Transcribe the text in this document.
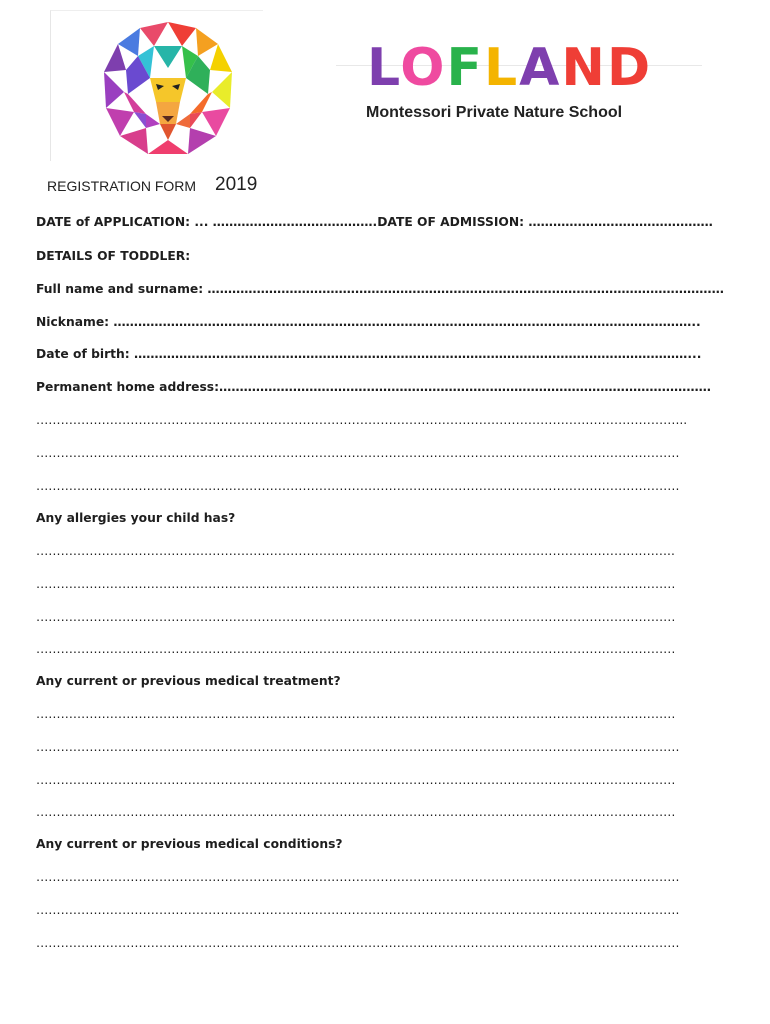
LOFLAND
Montessori Private Nature School
REGISTRATION FORM 2019
DATE of APPLICATION: ... ………………………………….DATE OF ADMISSION: ………………………………………
DETAILS OF TODDLER:
Full name and surname: ………………………………………………………………………………………………………………
Nickname: ……………………………………………………………………………………………………………………………..
Date of birth: ………………………………………………………………………………………………………………………...
Permanent home address:…………………………………………………………………………………………………………
…………………………………………………………………………………………………………………………………………...
………………………………………………………………………………………………………………………………………….
………………………………………………………………………………………………………………………………………….
Any allergies your child has?
………………………………………………………………………………………………………………………………….……..
…………………………………………………………………………………………………………………………………………
…………………………………………………………………………………………………………………………………………
…………………………………………………………………………………………………………………………………………
Any current or previous medical treatment?
…………………………………………………………………………………………………………………………………………
………………………………………………………………………………………………………………………………………….
…………………………………………………………………………………………………………………………………………
…………………………………………………………………………………………………………………………………………
Any current or previous medical conditions?
………………………………………………………………………………………………………………………………………….
………………………………………………………………………………………………………………………………………….
………………………………………………………………………………………………………………………………………….
